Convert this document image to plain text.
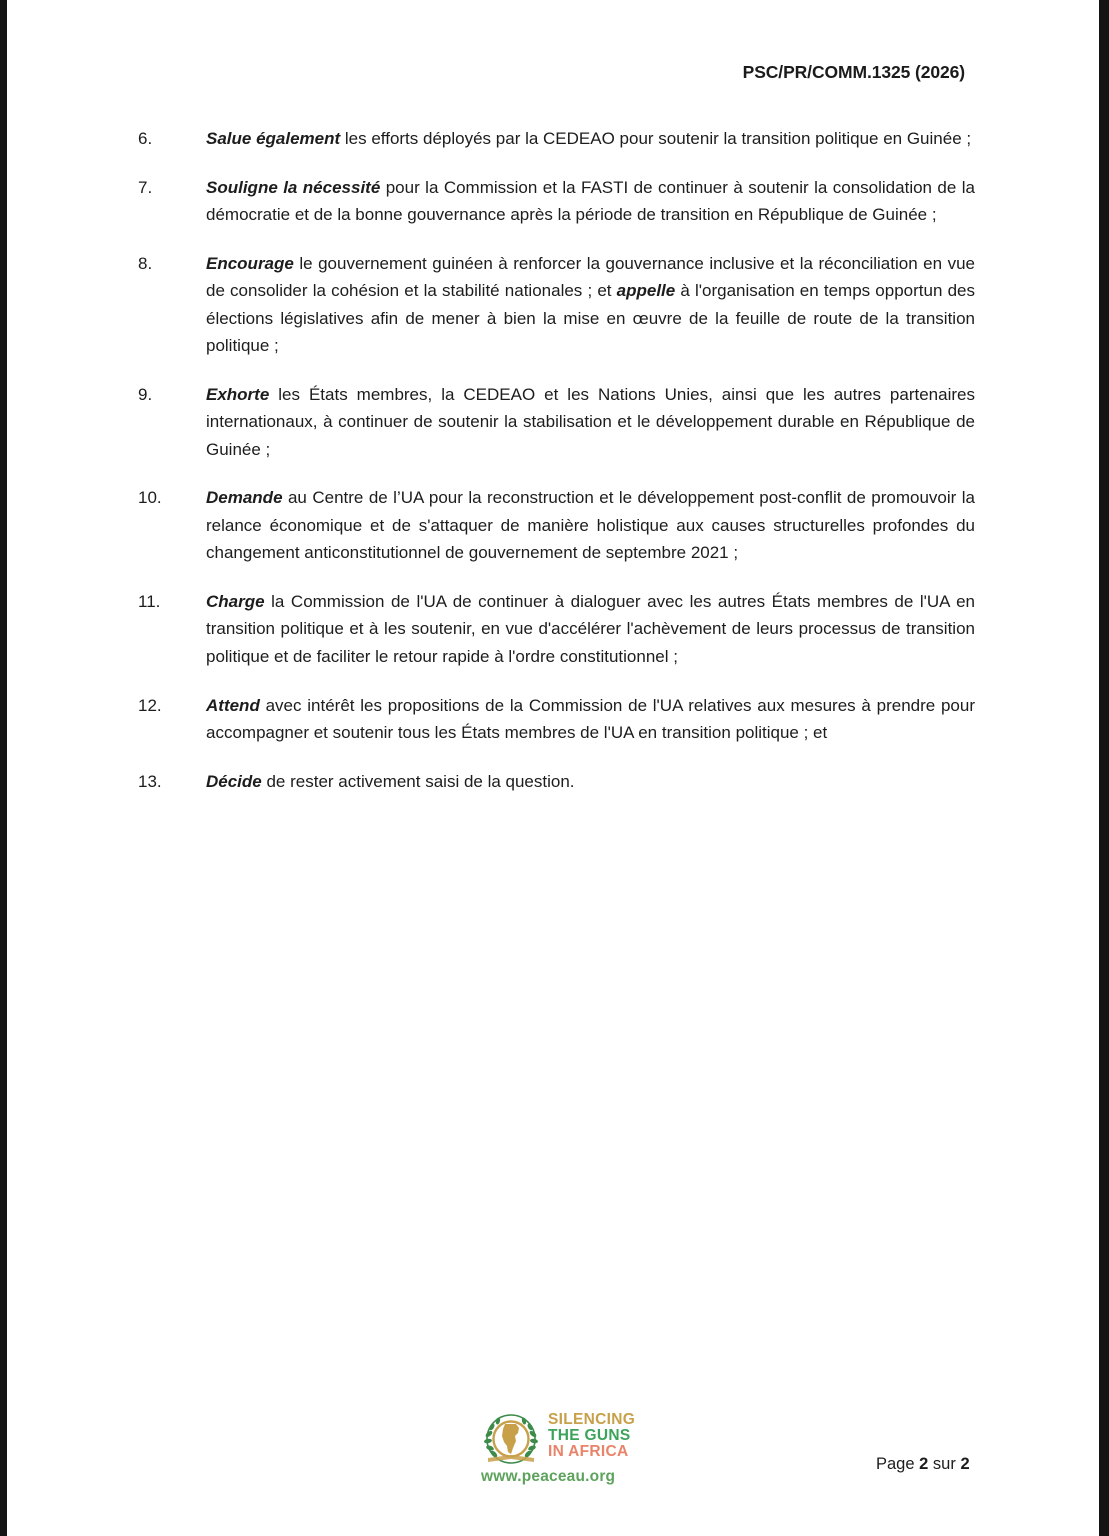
PSC/PR/COMM.1325 (2026)
6.	Salue également les efforts déployés par la CEDEAO pour soutenir la transition politique en Guinée ;
7.	Souligne la nécessité pour la Commission et la FASTI de continuer à soutenir la consolidation de la démocratie et de la bonne gouvernance après la période de transition en République de Guinée ;
8.	Encourage le gouvernement guinéen à renforcer la gouvernance inclusive et la réconciliation en vue de consolider la cohésion et la stabilité nationales ; et appelle à l'organisation en temps opportun des élections législatives afin de mener à bien la mise en œuvre de la feuille de route de la transition politique ;
9.	Exhorte les États membres, la CEDEAO et les Nations Unies, ainsi que les autres partenaires internationaux, à continuer de soutenir la stabilisation et le développement durable en République de Guinée ;
10.	Demande au Centre de l’UA pour la reconstruction et le développement post-conflit de promouvoir la relance économique et de s'attaquer de manière holistique aux causes structurelles profondes du changement anticonstitutionnel de gouvernement de septembre 2021 ;
11.	Charge la Commission de l'UA de continuer à dialoguer avec les autres États membres de l'UA en transition politique et à les soutenir, en vue d'accélérer l'achèvement de leurs processus de transition politique et de faciliter le retour rapide à l'ordre constitutionnel ;
12.	Attend avec intérêt les propositions de la Commission de l'UA relatives aux mesures à prendre pour accompagner et soutenir tous les États membres de l'UA en transition politique ; et
13.	Décide de rester activement saisi de la question.
SILENCING
THE GUNS
IN AFRICA
www.peaceau.org
Page 2 sur 2
